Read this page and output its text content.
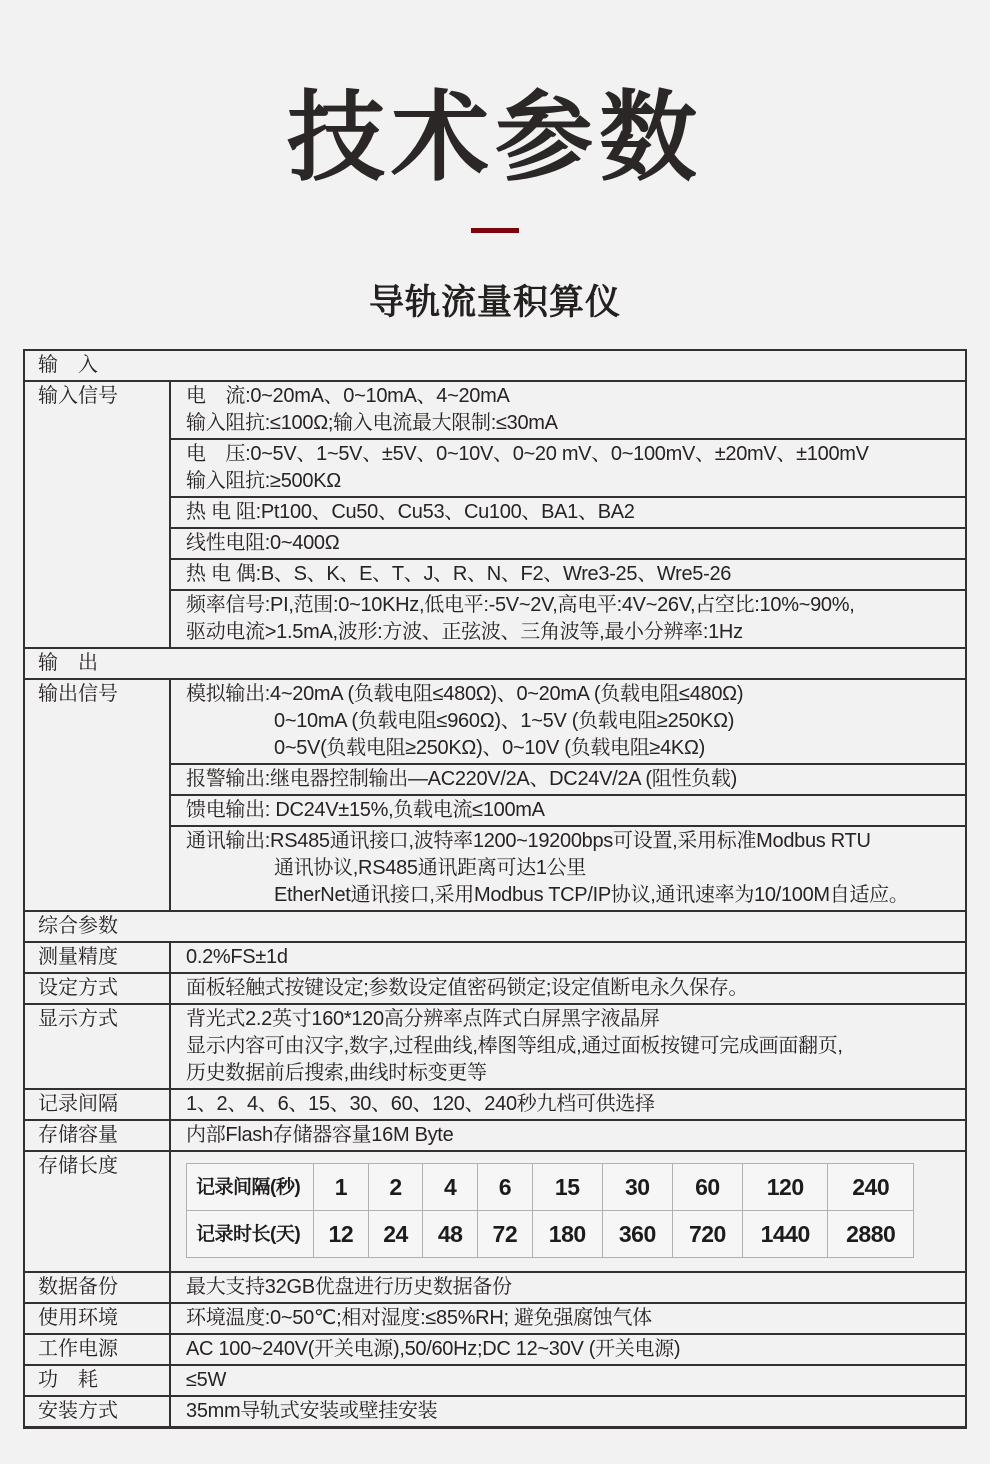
技术参数
导轨流量积算仪
输　入
输入信号	电　流:0~20mA、0~10mA、4~20mA
输入阻抗:≤100Ω;输入电流最大限制:≤30mA
电　压:0~5V、1~5V、±5V、0~10V、0~20 mV、0~100mV、±20mV、±100mV
输入阻抗:≥500KΩ
热 电 阻:Pt100、Cu50、Cu53、Cu100、BA1、BA2
线性电阻:0~400Ω
热 电 偶:B、S、K、E、T、J、R、N、F2、Wre3-25、Wre5-26
频率信号:PI,范围:0~10KHz,低电平:-5V~2V,高电平:4V~26V,占空比:10%~90%,
驱动电流>1.5mA,波形:方波、正弦波、三角波等,最小分辨率:1Hz
输　出
输出信号	模拟输出:4~20mA (负载电阻≤480Ω)、0~20mA (负载电阻≤480Ω)
0~10mA (负载电阻≤960Ω)、1~5V (负载电阻≥250KΩ)
0~5V(负载电阻≥250KΩ)、0~10V (负载电阻≥4KΩ)
报警输出:继电器控制输出—AC220V/2A、DC24V/2A (阻性负载)
馈电输出: DC24V±15%,负载电流≤100mA
通讯输出:RS485通讯接口,波特率1200~19200bps可设置,采用标准Modbus RTU
通讯协议,RS485通讯距离可达1公里
EtherNet通讯接口,采用Modbus TCP/IP协议,通讯速率为10/100M自适应。
综合参数
测量精度	0.2%FS±1d
设定方式	面板轻触式按键设定;参数设定值密码锁定;设定值断电永久保存。
显示方式	背光式2.2英寸160*120高分辨率点阵式白屏黑字液晶屏
显示内容可由汉字,数字,过程曲线,棒图等组成,通过面板按键可完成画面翻页,
历史数据前后搜索,曲线时标变更等
记录间隔	1、2、4、6、15、30、60、120、240秒九档可供选择
存储容量	内部Flash存储器容量16M Byte
存储长度
记录间隔(秒)	1	2	4	6	15	30	60	120	240
记录时长(天)	12	24	48	72	180	360	720	1440	2880
数据备份	最大支持32GB优盘进行历史数据备份
使用环境	环境温度:0~50℃;相对湿度:≤85%RH; 避免强腐蚀气体
工作电源	AC 100~240V(开关电源),50/60Hz;DC 12~30V (开关电源)
功　耗	≤5W
安装方式	35mm导轨式安装或壁挂安装
